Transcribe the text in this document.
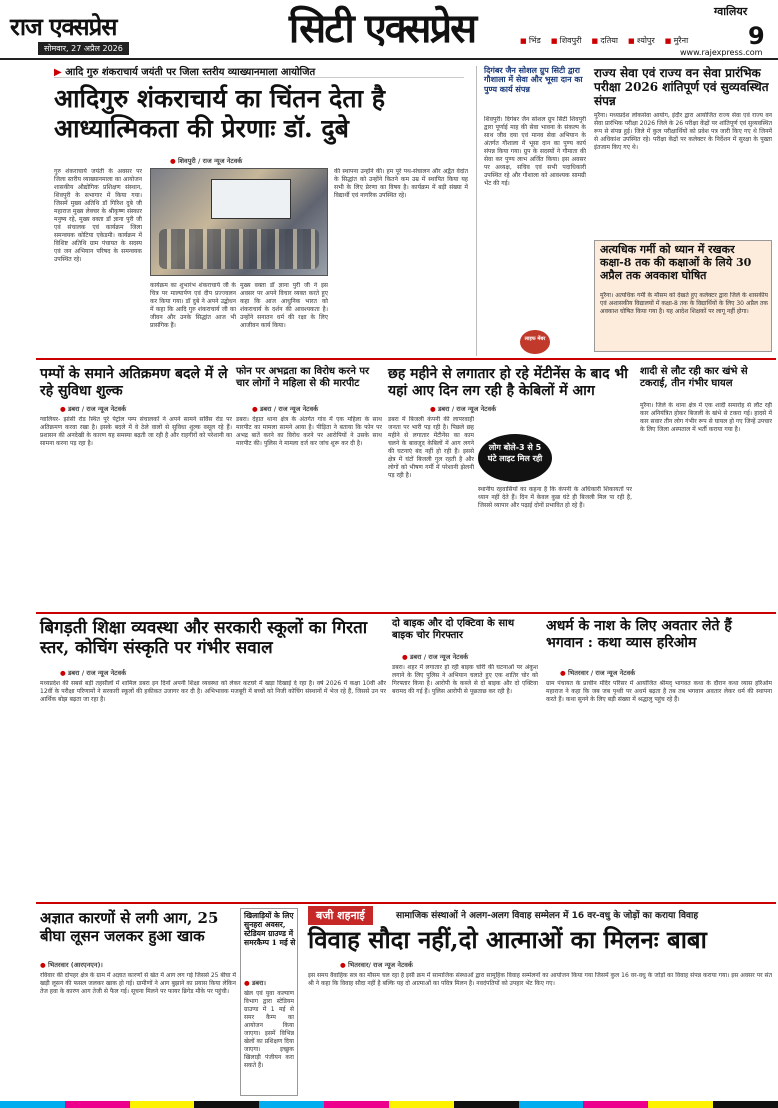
राज एक्सप्रेस
सोमवार, 27 अप्रैल 2026	सिटी एक्सप्रेस	■ भिंड	■ शिवपुरी	■ दतिया	■ श्योपुर	■ मुरैना
ग्वालियर
9
www.rajexpress.com
▶ आदि गुरु शंकराचार्य जयंती पर जिला स्तरीय व्याख्यानमाला आयोजित
आदिगुरु शंकराचार्य का चिंतन देता है आध्यात्मिकता की प्रेरणाः डॉ. दुबे
● शिवपुरी / राज न्यूज नेटवर्क
गुरु शंकराचार्य जयंती के अवसर पर जिला स्तरीय व्याख्यानमाला का आयोजन शासकीय औद्योगिक प्रशिक्षण संस्थान, शिवपुरी के सभागार में किया गया। जिसमें मुख्य अतिथि डॉ गिरिश दुबे जी महाराज मुख्य लेक्चर के श्रीकृष्ण संस्कार मनुष्य रहे, मुख्य वक्ता डॉ ज्ञाना पुरी जी एवं संचालक एवं कार्यक्रम जिला समन्वयक कोटिया एकेडमी। कार्यक्रम में विशिष्ट अतिथि ग्राम पंचायत के सदस्य एवं जन अभियान परिषद के समन्वयक उपस्थित रहे।
कार्यक्रम का शुभारंभ शंकराचार्य जी के चित्र पर माल्यार्पण एवं दीप प्रज्ज्वलन कर किया गया। डॉ दुबे ने अपने उद्बोधन में कहा कि आदि गुरु शंकराचार्य जी का जीवन और उनके सिद्धांत आज भी प्रासंगिक हैं।
मुख्य वक्ता डॉ ज्ञाना पुरी जी ने इस अवसर पर अपने विचार व्यक्त करते हुए कहा कि आज आधुनिक भारत को शंकराचार्य के दर्शन की आवश्यकता है। उन्होंने सनातन धर्म की रक्षा के लिए आजीवन कार्य किया।
की स्थापना उन्होंने की। हम पूरे पथ-संचालन और अद्वैत वेदांत के सिद्धांत को उन्होंने कितने कम उम्र में स्थापित किया यह सभी के लिए प्रेरणा का विषय है। कार्यक्रम में बड़ी संख्या में विद्यार्थी एवं नागरिक उपस्थित रहे।
दिगंबर जैन सोशल ग्रुप सिटी द्वारा गौशाला में सेवा और भूसा दान का पुण्य कार्य संपन्न
शिवपुरी। दिगंबर जैन सोशल ग्रुप सिटी शिवपुरी द्वारा पूर्णाई माह की सेवा भावना के संकल्प के साथ जीव दया एवं मानव सेवा अभियान के अंतर्गत गौशाला में भूसा दान का पुण्य कार्य संपन्न किया गया। ग्रुप के सदस्यों ने गौमाता की सेवा कर पुण्य लाभ अर्जित किया। इस अवसर पर अध्यक्ष, सचिव एवं सभी पदाधिकारी उपस्थित रहे और गौशाला को आवश्यक सामग्री भेंट की गई।
लाइफ मेंबर
राज्य सेवा एवं राज्य वन सेवा प्रारंभिक परीक्षा 2026 शांतिपूर्ण एवं सुव्यवस्थित संपन्न
मुरैना। मध्यप्रदेश लोकसेवा आयोग, इंदौर द्वारा आयोजित राज्य सेवा एवं राज्य वन सेवा प्रारंभिक परीक्षा 2026 जिले के 26 परीक्षा केंद्रों पर शांतिपूर्ण एवं सुव्यवस्थित रूप से संपन्न हुई। जिले में कुल परीक्षार्थियों को प्रवेश पत्र जारी किए गए थे जिनमें से अधिकांश उपस्थित रहे। परीक्षा केंद्रों पर कलेक्टर के निर्देशन में सुरक्षा के पुख्ता इंतजाम किए गए थे।
अत्यधिक गर्मी को ध्यान में रखकर कक्षा-8 तक की कक्षाओं के लिये 30 अप्रैल तक अवकाश घोषित
मुरैना। अत्यधिक गर्मी के मौसम को देखते हुए कलेक्टर द्वारा जिले के शासकीय एवं अशासकीय विद्यालयों में कक्षा-8 तक के विद्यार्थियों के लिए 30 अप्रैल तक अवकाश घोषित किया गया है। यह आदेश शिक्षकों पर लागू नहीं होगा।
पम्पों के समाने अतिक्रमण बदले में ले रहे सुविधा शुल्क
● डबरा / राज न्यूज नेटवर्क
ग्वालियर- झांसी रोड स्थित पूरे पेट्रोल पम्प संचालकों ने अपने सामने सर्विस रोड पर अतिक्रमण करवा रखा है। इसके बदले में वे ठेले वालों से सुविधा शुल्क वसूल रहे हैं। प्रशासन की अनदेखी के कारण यह समस्या बढ़ती जा रही है और राहगीरों को परेशानी का सामना करना पड़ रहा है।
फोन पर अभद्रता का विरोध करने पर चार लोगों ने महिला से की मारपीट
● डबरा / राज न्यूज नेटवर्क
डबरा। देहात थाना क्षेत्र के अंतर्गत गांव में एक महिला के साथ मारपीट का मामला सामने आया है। पीड़िता ने बताया कि फोन पर अभद्र बातें करने का विरोध करने पर आरोपियों ने उसके साथ मारपीट की। पुलिस ने मामला दर्ज कर जांच शुरू कर दी है।
छह महीने से लगातार हो रहे मेंटीनेंस के बाद भी यहां आए दिन लग रही है केबिलों में आग
● डबरा / राज न्यूज नेटवर्क
डबरा में बिजली कंपनी की लापरवाही जनता पर भारी पड़ रही है। पिछले छह महीने से लगातार मेंटीनेंस का काम चलने के बावजूद केबिलों में आग लगने की घटनाएं बंद नहीं हो रही हैं। इससे क्षेत्र में घंटों बिजली गुल रहती है और लोगों को भीषण गर्मी में परेशानी झेलनी पड़ रही है।
लोग बोले-3 से 5 घंटे लाइट मिल रही
स्थानीय रहवासियों का कहना है कि कंपनी के अधिकारी शिकायतों पर ध्यान नहीं देते हैं। दिन में केवल कुछ घंटे ही बिजली मिल पा रही है, जिससे व्यापार और पढ़ाई दोनों प्रभावित हो रहे हैं।
शादी से लौट रही कार खंभे से टकराई, तीन गंभीर घायल
मुरैना। जिले के थाना क्षेत्र में एक शादी समारोह से लौट रही कार अनियंत्रित होकर बिजली के खंभे से टकरा गई। हादसे में कार सवार तीन लोग गंभीर रूप से घायल हो गए जिन्हें उपचार के लिए जिला अस्पताल में भर्ती कराया गया है।
बिगड़ती शिक्षा व्यवस्था और सरकारी स्कूलों का गिरता स्तर, कोचिंग संस्कृति पर गंभीर सवाल
● डबरा / राज न्यूज नेटवर्क
मध्यप्रदेश की सबसे बड़ी तहसीलों में शामिल डबरा इन दिनों अपनी शिक्षा व्यवस्था को लेकर कटघरे में खड़ा दिखाई दे रहा है। वर्ष 2026 में कक्षा 10वीं और 12वीं के परीक्षा परिणामों ने सरकारी स्कूलों की हकीकत उजागर कर दी है। अभिभावक मजबूरी में बच्चों को निजी कोचिंग संस्थानों में भेज रहे हैं, जिससे उन पर आर्थिक बोझ बढ़ता जा रहा है।
दो बाइक और दो एक्टिवा के साथ बाइक चोर गिरफ्तार
● डबरा / राज न्यूज नेटवर्क
डबरा। शहर में लगातार हो रही बाइक चोरी की घटनाओं पर अंकुश लगाने के लिए पुलिस ने अभियान चलाते हुए एक शातिर चोर को गिरफ्तार किया है। आरोपी के कब्जे से दो बाइक और दो एक्टिवा बरामद की गई हैं। पुलिस आरोपी से पूछताछ कर रही है।
अधर्म के नाश के लिए अवतार लेते हैं भगवान : कथा व्यास हरिओम
● भितरवार / राज न्यूज नेटवर्क
ग्राम पंचायत के प्राचीन मंदिर परिसर में आयोजित श्रीमद् भागवत कथा के दौरान कथा व्यास हरिओम महाराज ने कहा कि जब जब पृथ्वी पर अधर्म बढ़ता है तब तब भगवान अवतार लेकर धर्म की स्थापना करते हैं। कथा सुनने के लिए बड़ी संख्या में श्रद्धालु पहुंच रहे हैं।
अज्ञात कारणों से लगी आग, 25 बीघा लूसन जलकर हुआ खाक
● भितरवार (आरएनएन)।
रविवार की दोपहर क्षेत्र के ग्राम में अज्ञात कारणों से खेत में आग लग गई जिससे 25 बीघा में खड़ी लूसन की फसल जलकर खाक हो गई। ग्रामीणों ने आग बुझाने का प्रयास किया लेकिन तेज हवा के कारण आग तेजी से फैल गई। सूचना मिलने पर फायर ब्रिगेड मौके पर पहुंची।
खिलाड़ियों के लिए सुनहरा अवसर, स्टेडियम ग्राउण्ड में समरकैम्प 1 मई से
● डबरा।
खेल एवं युवा कल्याण विभाग द्वारा स्टेडियम ग्राउण्ड में 1 मई से समर कैम्प का आयोजन किया जाएगा। इसमें विभिन्न खेलों का प्रशिक्षण दिया जाएगा। इच्छुक खिलाड़ी पंजीयन करा सकते हैं।
बजी शहनाई	सामाजिक संस्थाओं ने अलग-अलग विवाह सम्मेलन में 16 वर-वधु के जोड़ों का कराया विवाह
विवाह सौदा नहीं,दो आत्माओं का मिलनः बाबा
● भितरवार/ राज न्यूज नेटवर्क
इस समय वैवाहिक सत्र का मौसम चल रहा है इसी क्रम में सामाजिक संस्थाओं द्वारा सामूहिक विवाह सम्मेलनों का आयोजन किया गया जिसमें कुल 16 वर-वधु के जोड़ों का विवाह संपन्न कराया गया। इस अवसर पर संत श्री ने कहा कि विवाह सौदा नहीं है बल्कि यह दो आत्माओं का पवित्र मिलन है। नवदंपतियों को उपहार भेंट किए गए।
